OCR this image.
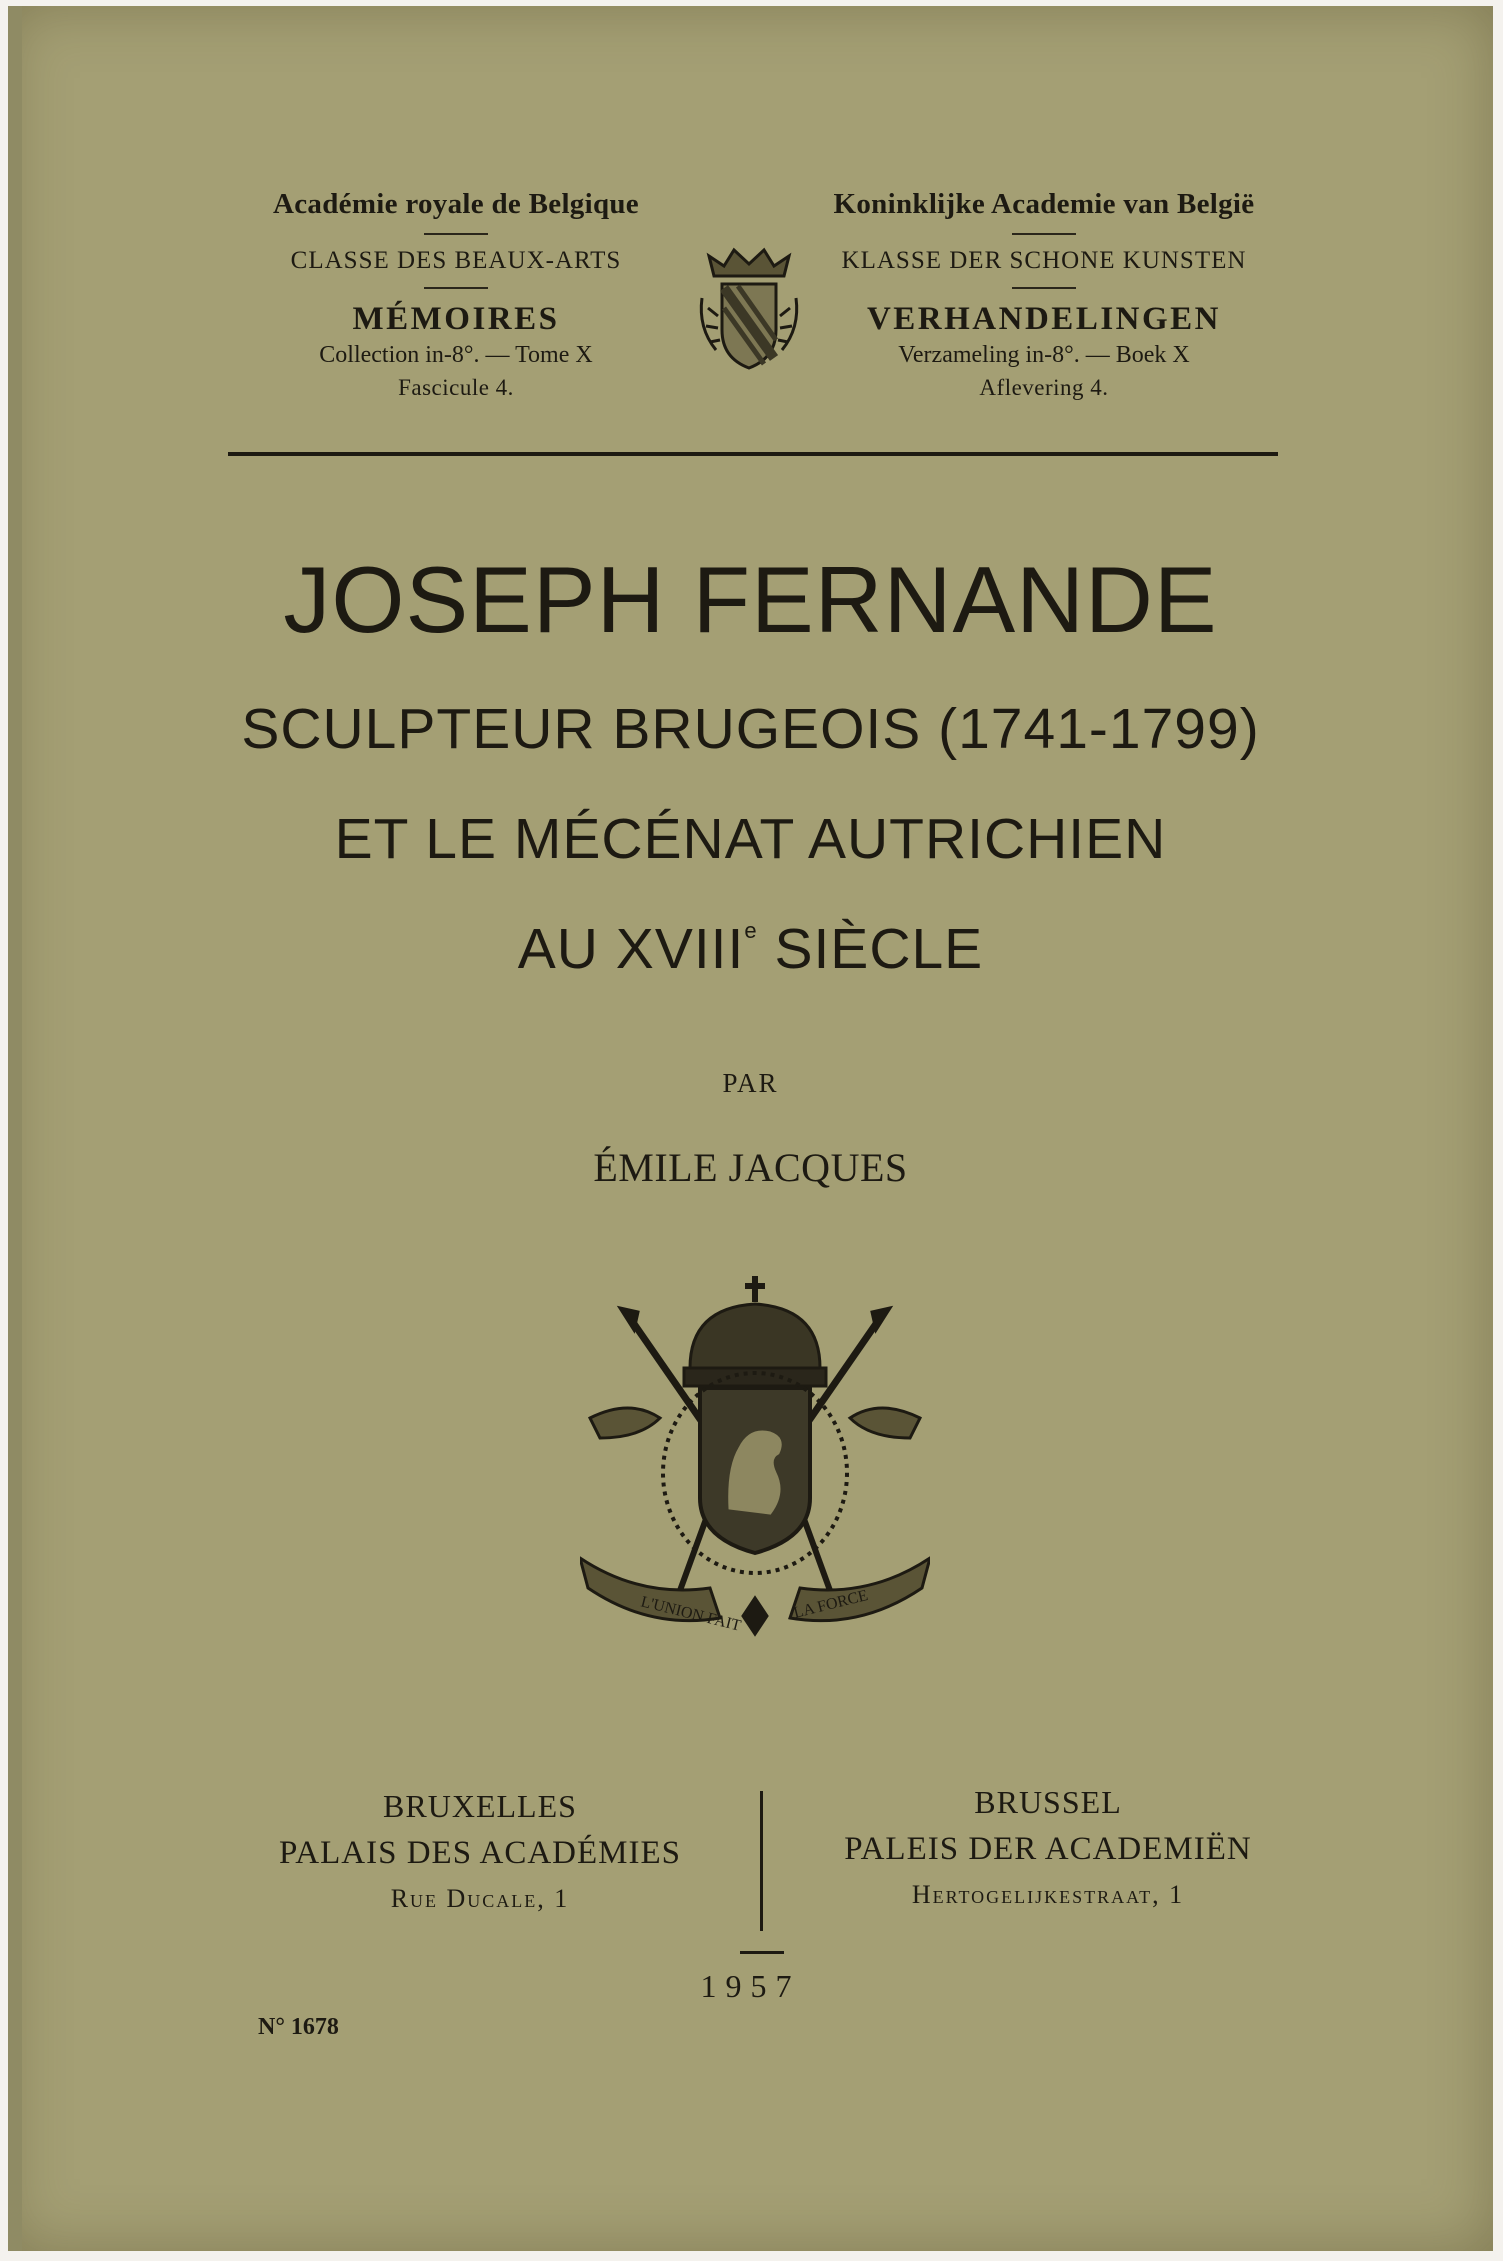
Académie royale de Belgique
CLASSE DES BEAUX-ARTS
MÉMOIRES
Collection in-8°. — Tome X
Fascicule 4.
Koninklijke Academie van België
KLASSE DER SCHONE KUNSTEN
VERHANDELINGEN
Verzameling in-8°. — Boek X
Aflevering 4.
JOSEPH FERNANDE
SCULPTEUR BRUGEOIS (1741-1799)
ET LE MÉCÉNAT AUTRICHIEN
AU XVIIIe SIÈCLE
PAR
ÉMILE JACQUES
L'UNION FAIT	LA FORCE
BRUXELLES
PALAIS DES ACADÉMIES
Rue Ducale, 1
BRUSSEL
PALEIS DER ACADEMIËN
Hertogelijkestraat, 1
1957
N° 1678
